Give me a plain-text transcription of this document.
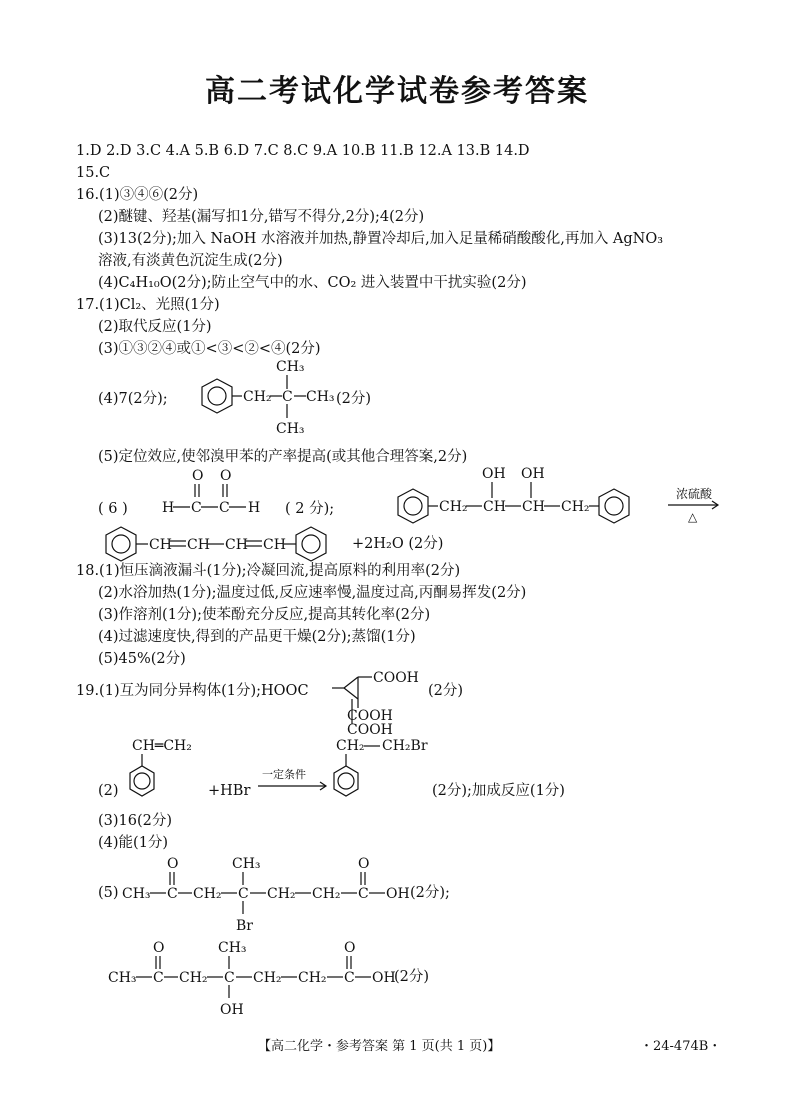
高二考试化学试卷参考答案
1.D 2.D 3.C 4.A 5.B 6.D 7.C 8.C 9.A 10.B 11.B 12.A 13.B 14.D
15.C
16.(1)③④⑥(2分)
(2)醚键、羟基(漏写扣1分,错写不得分,2分);4(2分)
(3)13(2分);加入 NaOH 水溶液并加热,静置冷却后,加入足量稀硝酸酸化,再加入 AgNO₃
溶液,有淡黄色沉淀生成(2分)
(4)C₄H₁₀O(2分);防止空气中的水、CO₂ 进入装置中干扰实验(2分)
17.(1)Cl₂、光照(1分)
(2)取代反应(1分)
(3)①③②④或①<③<②<④(2分)
(4)7(2分);	CH₂ C
CH₃
CH₃
CH₃ (2分)
(5)定位效应,使邻溴甲苯的产率提高(或其他合理答案,2分)
( 6 )
O O
H C C H ( 2 分);	CH₂ CH
OH
CH
OH
CH₂
浓硫酸
△
CH CH CH CH	+2H₂O (2分)
18.(1)恒压滴液漏斗(1分);冷凝回流,提高原料的利用率(2分)
(2)水浴加热(1分);温度过低,反应速率慢,温度过高,丙酮易挥发(2分)
(3)作溶剂(1分);使苯酚充分反应,提高其转化率(2分)
(4)过滤速度快,得到的产品更干燥(2分);蒸馏(1分)
(5)45%(2分)
19.(1)互为同分异构体(1分);HOOC
COOH
COOH
COOH
(2分)
(2)
CH═CH₂
+HBr
一定条件
CH₂ CH₂Br
(2分);加成反应(1分)
(3)16(2分)
(4)能(1分)
(5) CH₃ C
O
CH₂ C
CH₃
Br
CH₂ CH₂ C
O
OH (2分);
CH₃ C
O
CH₂ C
CH₃
OH
CH₂ CH₂ C
O
OH
(2分)
【高二化学・参考答案 第 1 页(共 1 页)】	・24-474B・
